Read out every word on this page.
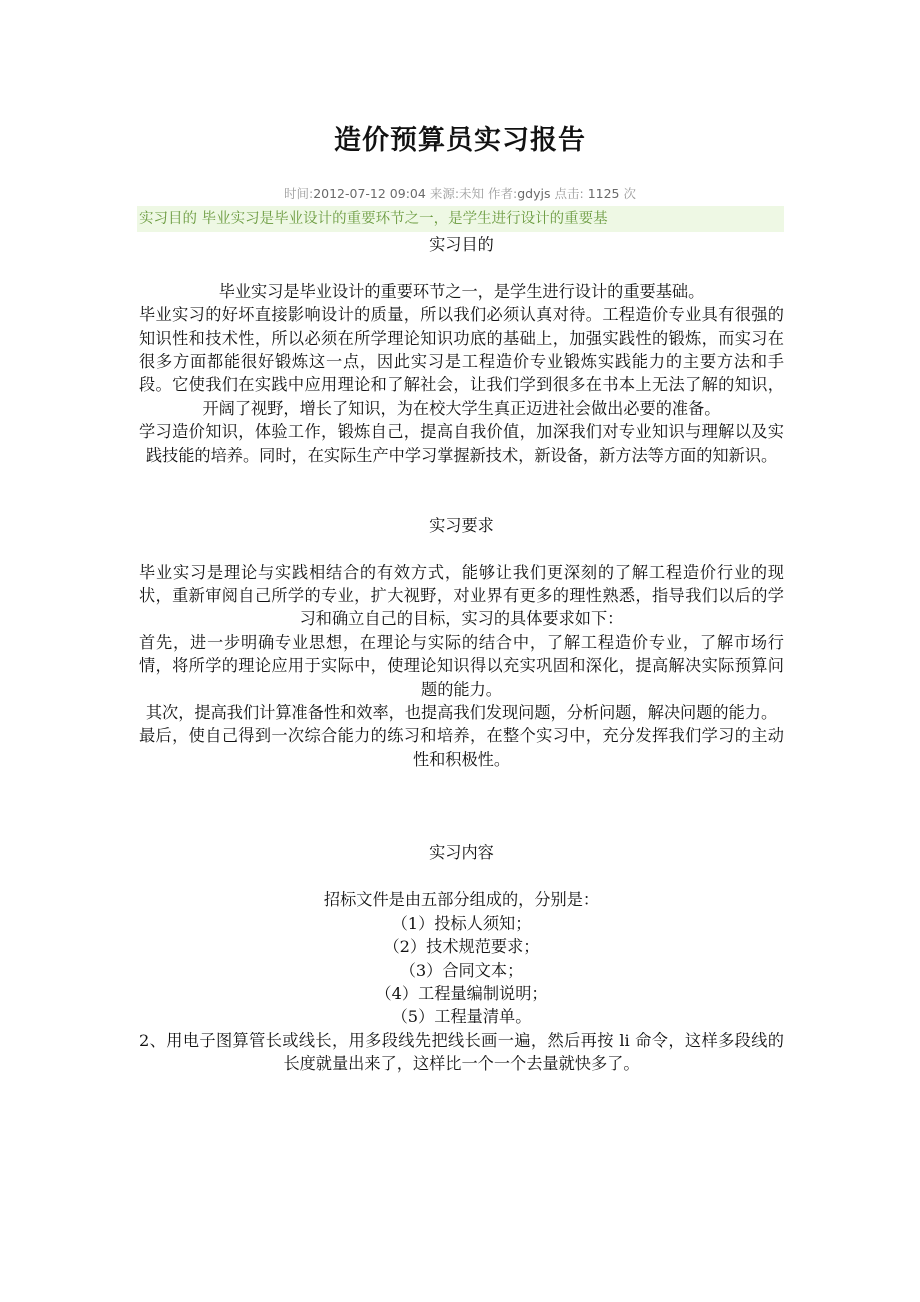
造价预算员实习报告
时间:2012-07-12 09:04 来源:未知 作者:gdyjs 点击: 1125 次
实习目的 毕业实习是毕业设计的重要环节之一，是学生进行设计的重要基

实习目的

毕业实习是毕业设计的重要环节之一，是学生进行设计的重要基础。

毕业实习的好坏直接影响设计的质量，所以我们必须认真对待。工程造价专业具有很强的知识性和技术性，所以必须在所学理论知识功底的基础上，加强实践性的锻炼，而实习在很多方面都能很好锻炼这一点，因此实习是工程造价专业锻炼实践能力的主要方法和手段。它使我们在实践中应用理论和了解社会，让我们学到很多在书本上无法了解的知识，开阔了视野，增长了知识，为在校大学生真正迈进社会做出必要的准备。

学习造价知识，体验工作，锻炼自己，提高自我价值，加深我们对专业知识与理解以及实践技能的培养。同时，在实际生产中学习掌握新技术，新设备，新方法等方面的知新识。

实习要求

毕业实习是理论与实践相结合的有效方式，能够让我们更深刻的了解工程造价行业的现状，重新审阅自己所学的专业，扩大视野，对业界有更多的理性熟悉，指导我们以后的学习和确立自己的目标，实习的具体要求如下：

首先，进一步明确专业思想，在理论与实际的结合中，了解工程造价专业，了解市场行情，将所学的理论应用于实际中，使理论知识得以充实巩固和深化，提高解决实际预算问题的能力。

其次，提高我们计算准备性和效率，也提高我们发现问题，分析问题，解决问题的能力。

最后，使自己得到一次综合能力的练习和培养，在整个实习中，充分发挥我们学习的主动性和积极性。

实习内容

招标文件是由五部分组成的，分别是：

（1）投标人须知；

（2）技术规范要求；

（3）合同文本；

（4）工程量编制说明；

（5）工程量清单。

2、用电子图算管长或线长，用多段线先把线长画一遍，然后再按 li 命令，这样多段线的长度就量出来了，这样比一个一个去量就快多了。
